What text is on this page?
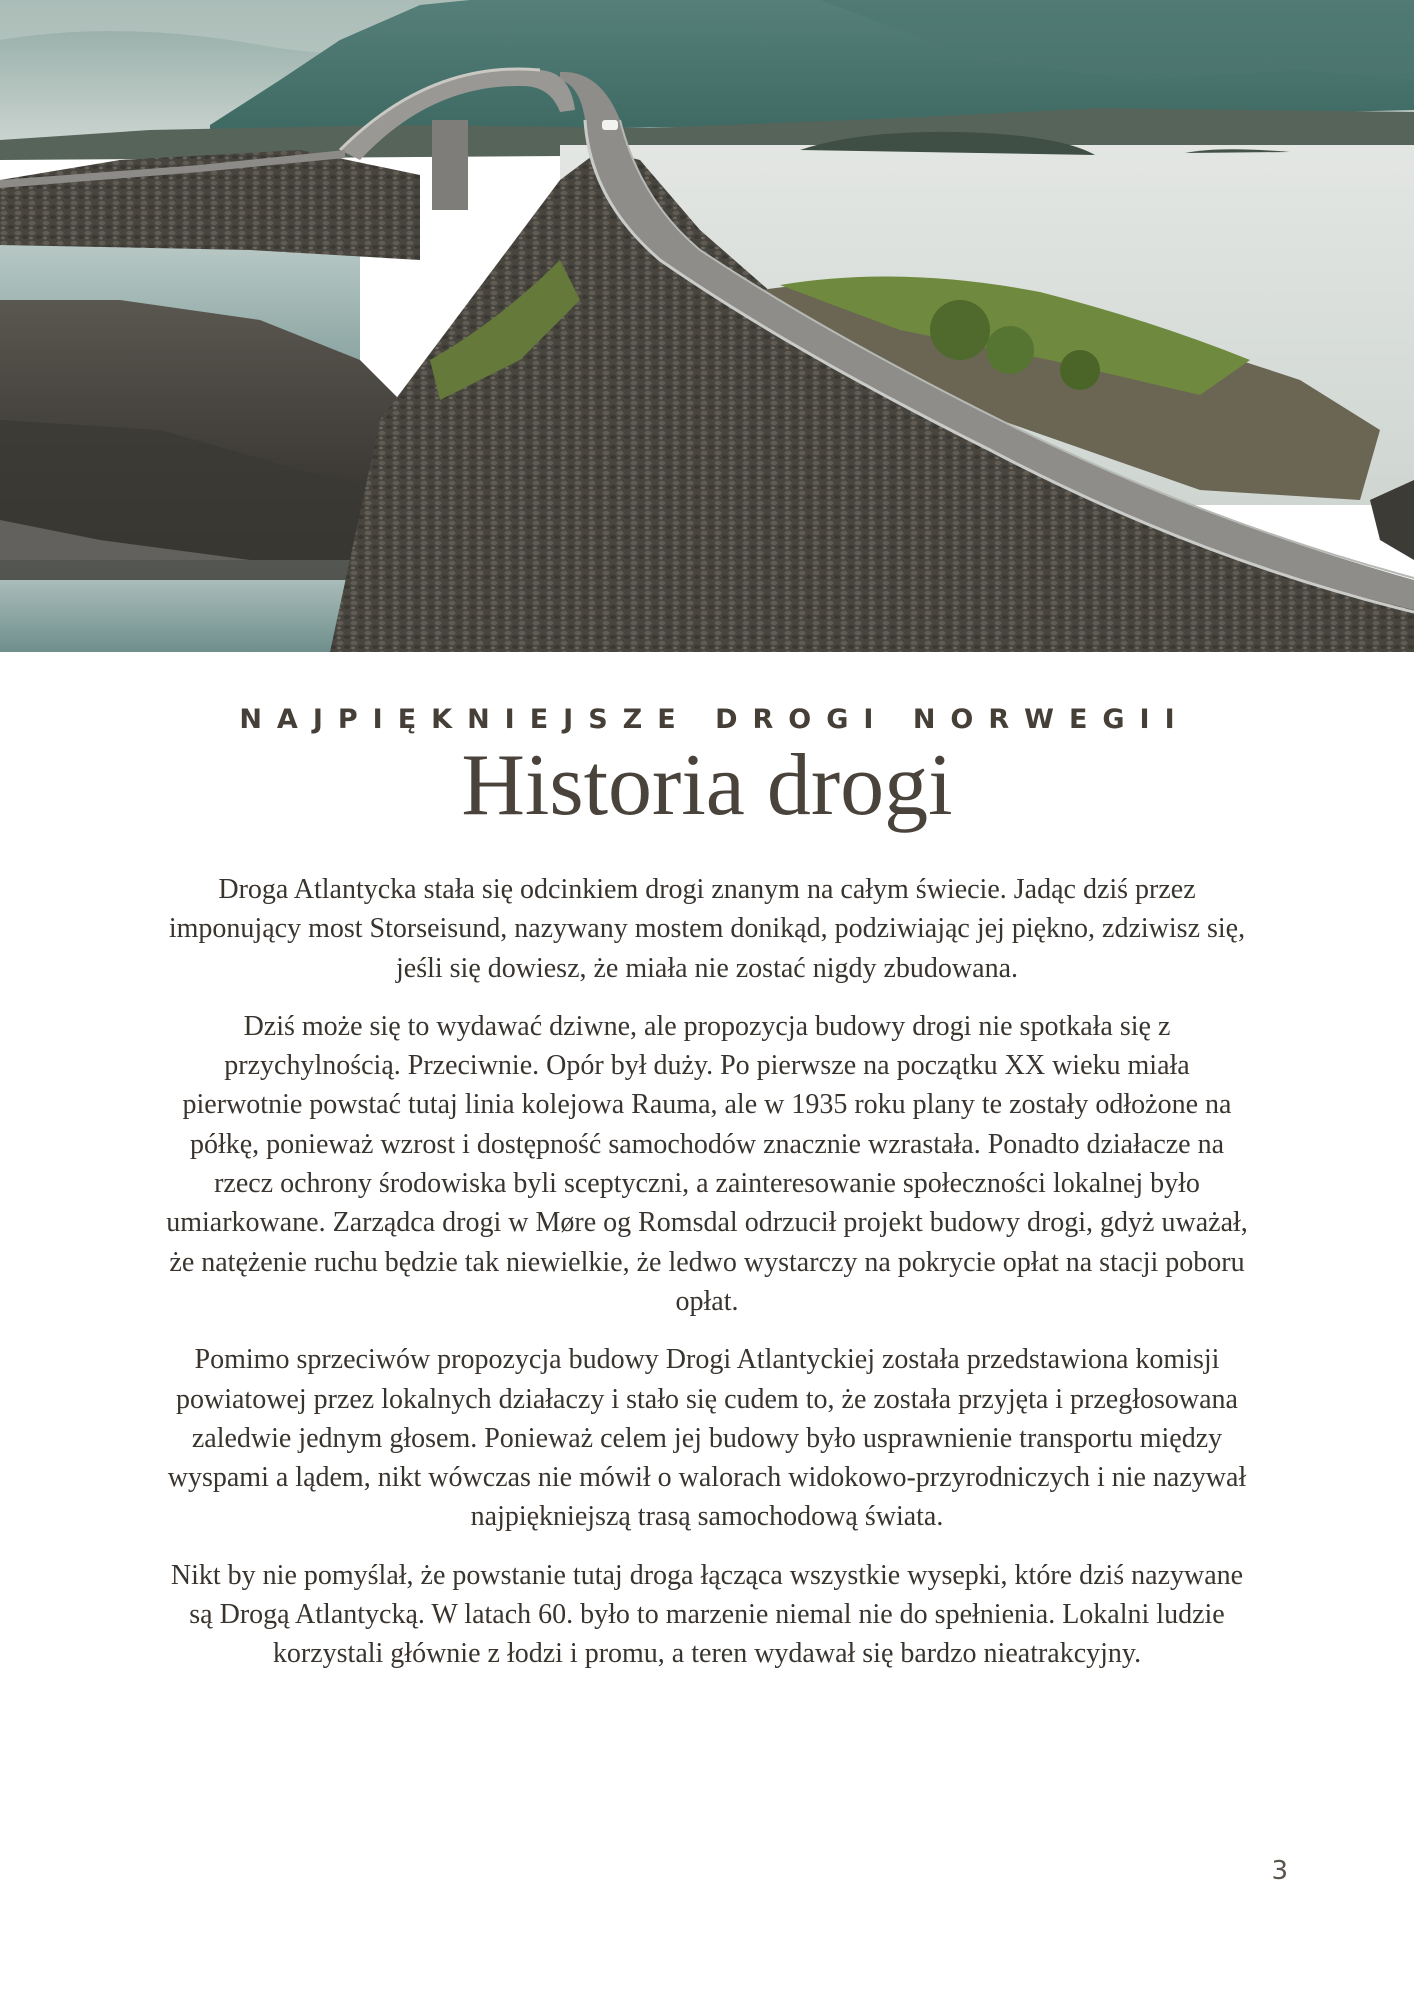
NAJPIĘKNIEJSZE DROGI NORWEGII
Historia drogi

Droga Atlantycka stała się odcinkiem drogi znanym na całym świecie. Jadąc dziś przez imponujący most Storseisund, nazywany mostem donikąd, podziwiając jej piękno, zdziwisz się, jeśli się dowiesz, że miała nie zostać nigdy zbudowana.

Dziś może się to wydawać dziwne, ale propozycja budowy drogi nie spotkała się z przychylnością. Przeciwnie. Opór był duży. Po pierwsze na początku XX wieku miała pierwotnie powstać tutaj linia kolejowa Rauma, ale w 1935 roku plany te zostały odłożone na półkę, ponieważ wzrost i dostępność samochodów znacznie wzrastała. Ponadto działacze na rzecz ochrony środowiska byli sceptyczni, a zainteresowanie społeczności lokalnej było umiarkowane. Zarządca drogi w Møre og Romsdal odrzucił projekt budowy drogi, gdyż uważał, że natężenie ruchu będzie tak niewielkie, że ledwo wystarczy na pokrycie opłat na stacji poboru opłat.

Pomimo sprzeciwów propozycja budowy Drogi Atlantyckiej została przedstawiona komisji powiatowej przez lokalnych działaczy i stało się cudem to, że została przyjęta i przegłosowana zaledwie jednym głosem. Ponieważ celem jej budowy było usprawnienie transportu między wyspami a lądem, nikt wówczas nie mówił o walorach widokowo-przyrodniczych i nie nazywał najpiękniejszą trasą samochodową świata.

Nikt by nie pomyślał, że powstanie tutaj droga łącząca wszystkie wysepki, które dziś nazywane są Drogą Atlantycką. W latach 60. było to marzenie niemal nie do spełnienia. Lokalni ludzie korzystali głównie z łodzi i promu, a teren wydawał się bardzo nieatrakcyjny.

3
